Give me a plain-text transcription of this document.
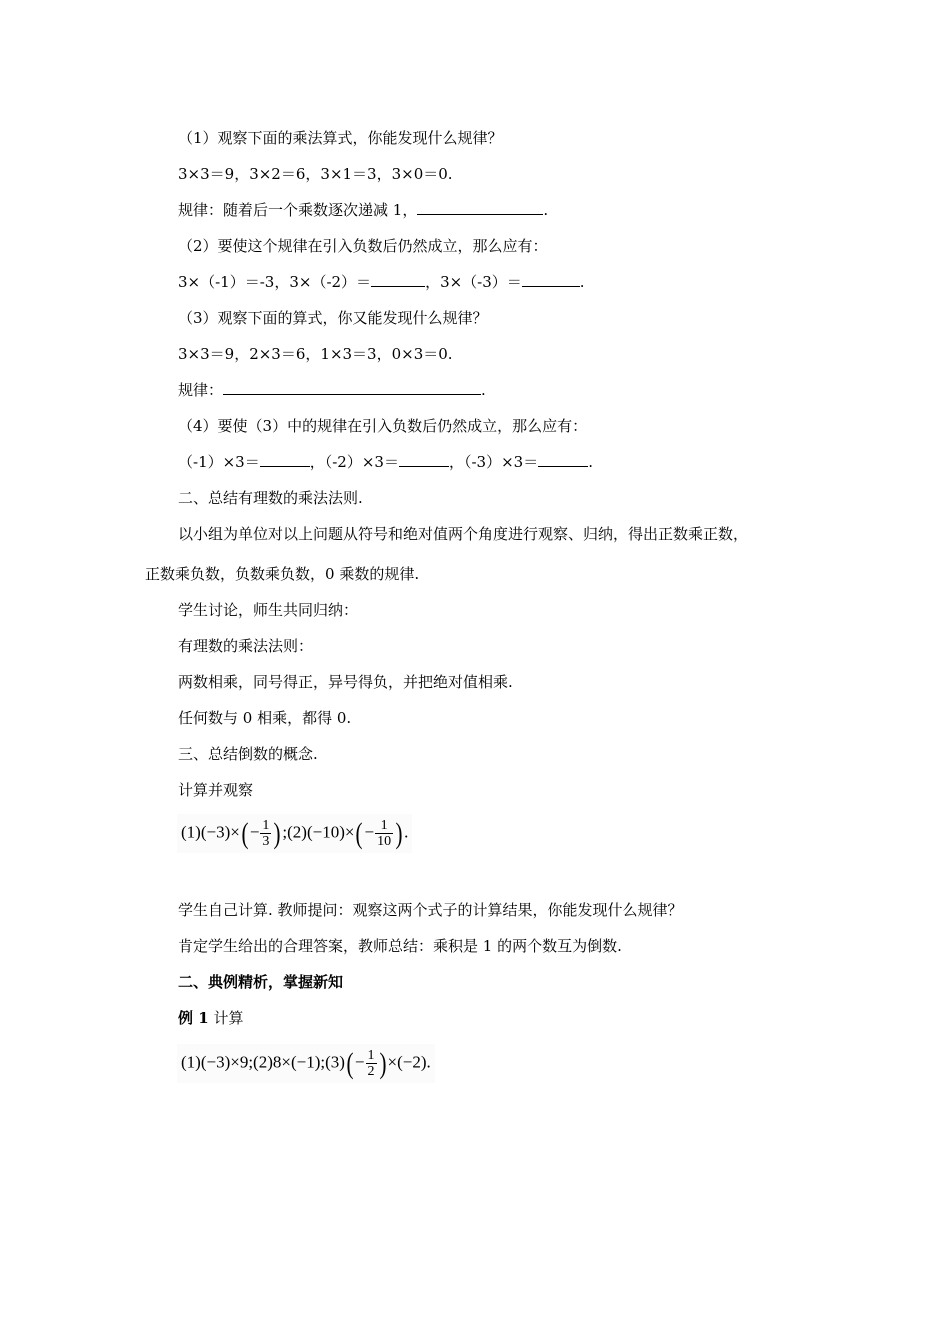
（1）观察下面的乘法算式，你能发现什么规律？
3×3＝9，3×2＝6，3×1＝3，3×0＝0.
规律：随着后一个乘数逐次递减 1，	.
（2）要使这个规律在引入负数后仍然成立，那么应有：
3×（-1）＝-3，3×（-2）＝	，3×（-3）＝	.
（3）观察下面的算式，你又能发现什么规律？
3×3＝9，2×3＝6，1×3＝3，0×3＝0.
规律：	.
（4）要使（3）中的规律在引入负数后仍然成立，那么应有：
（-1）×3＝	，（-2）×3＝	，（-3）×3＝	.
二、总结有理数的乘法法则.
以小组为单位对以上问题从符号和绝对值两个角度进行观察、归纳，得出正数乘正数，
正数乘负数，负数乘负数，0 乘数的规律.
学生讨论，师生共同归纳：
有理数的乘法法则：
两数相乘，同号得正，异号得负，并把绝对值相乘.
任何数与 0 相乘，都得 0.
三、总结倒数的概念.
计算并观察
$(1)(-3)\times(- \frac{1}{3}$ );(2)(−10)×(− $\frac{1}{10}$ ).
学生自己计算. 教师提问：观察这两个式子的计算结果，你能发现什么规律？
肯定学生给出的合理答案，教师总结：乘积是 1 的两个数互为倒数.
二、典例精析，掌握新知
例 1 计算
(1)(−3)×9;(2)8×(−1);(3)(− $\frac{1}{2} )\times(-2)$.
